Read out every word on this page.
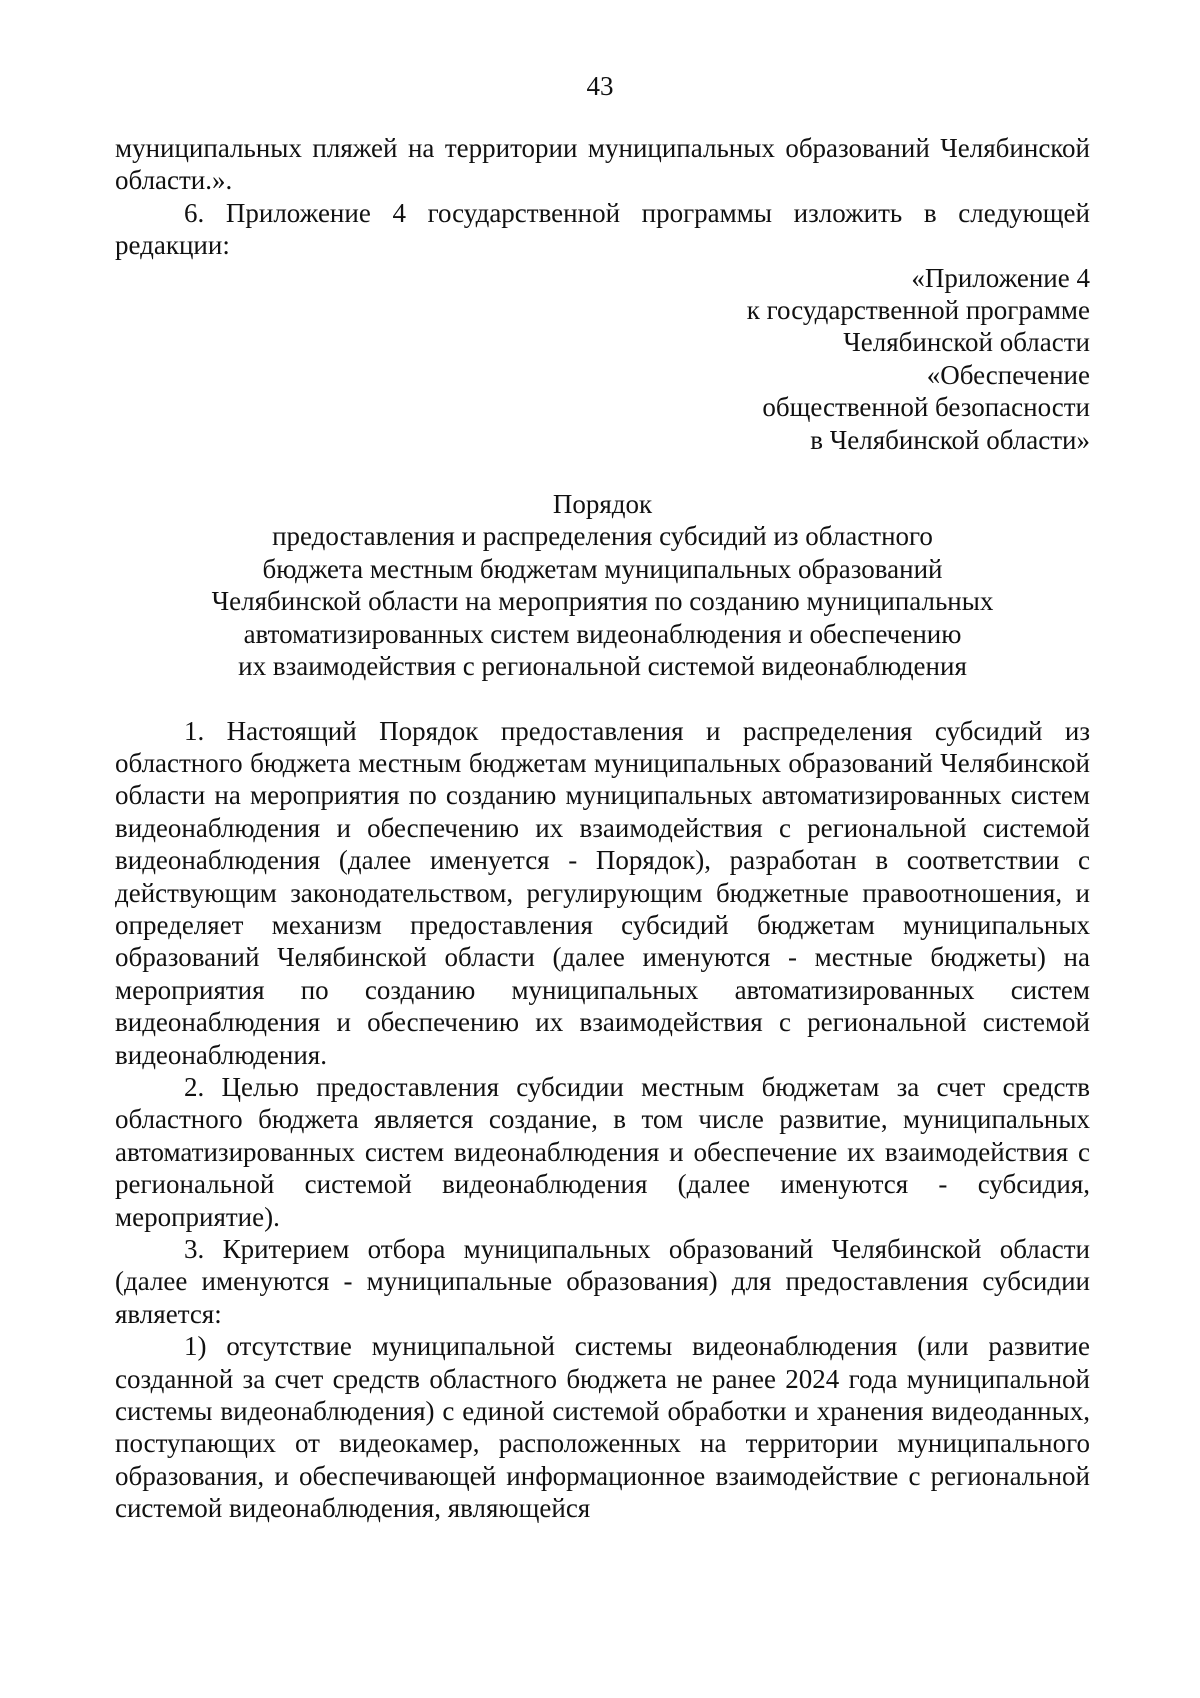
43

муниципальных пляжей на территории муниципальных образований Челябинской области.».

6. Приложение 4 государственной программы изложить в следующей редакции:

«Приложение 4
к государственной программе
Челябинской области
«Обеспечение
общественной безопасности
в Челябинской области»
Порядок
предоставления и распределения субсидий из областного
бюджета местным бюджетам муниципальных образований
Челябинской области на мероприятия по созданию муниципальных
автоматизированных систем видеонаблюдения и обеспечению
их взаимодействия с региональной системой видеонаблюдения

1. Настоящий Порядок предоставления и распределения субсидий из областного бюджета местным бюджетам муниципальных образований Челябинской области на мероприятия по созданию муниципальных автоматизированных систем видеонаблюдения и обеспечению их взаимодействия с региональной системой видеонаблюдения (далее именуется - Порядок), разработан в соответствии с действующим законодательством, регулирующим бюджетные правоотношения, и определяет механизм предоставления субсидий бюджетам муниципальных образований Челябинской области (далее именуются - местные бюджеты) на мероприятия по созданию муниципальных автоматизированных систем видеонаблюдения и обеспечению их взаимодействия с региональной системой видеонаблюдения.

2. Целью предоставления субсидии местным бюджетам за счет средств областного бюджета является создание, в том числе развитие, муниципальных автоматизированных систем видеонаблюдения и обеспечение их взаимодействия с региональной системой видеонаблюдения (далее именуются - субсидия, мероприятие).

3. Критерием отбора муниципальных образований Челябинской области (далее именуются - муниципальные образования) для предоставления субсидии является:

1) отсутствие муниципальной системы видеонаблюдения (или развитие созданной за счет средств областного бюджета не ранее 2024 года муниципальной системы видеонаблюдения) с единой системой обработки и хранения видеоданных, поступающих от видеокамер, расположенных на территории муниципального образования, и обеспечивающей информационное взаимодействие с региональной системой видеонаблюдения, являющейся
